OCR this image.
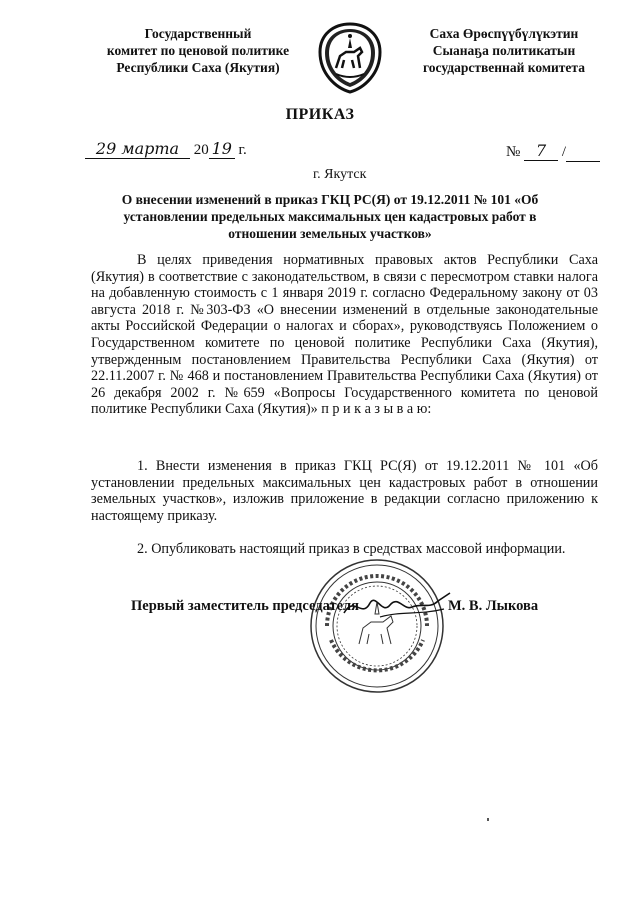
Государственный
комитет по ценовой политике
Республики Саха (Якутия)
Саха Өрөспүүбүлүкэтин
Сыанаҕа политикатын
государственнай комитета
ПРИКАЗ
29 марта 20 19 г.	№ 7 /
г. Якутск
О внесении изменений в приказ ГКЦ РС(Я) от 19.12.2011 № 101 «Об установлении предельных максимальных цен кадастровых работ в отношении земельных участков»
В целях приведения нормативных правовых актов Республики Саха (Якутия) в соответствие с законодательством, в связи с пересмотром ставки налога на добавленную стоимость с 1 января 2019 г. согласно Федеральному закону от 03 августа 2018 г. №303-ФЗ «О внесении изменений в отдельные законодательные акты Российской Федерации о налогах и сборах», руководствуясь Положением о Государственном комитете по ценовой политике Республики Саха (Якутия), утвержденным постановлением Правительства Республики Саха (Якутия) от 22.11.2007 г. № 468 и постановлением Правительства Республики Саха (Якутия) от 26 декабря 2002 г. №659 «Вопросы Государственного комитета по ценовой политике Республики Саха (Якутия)» п р и к а з ы в а ю:
1. Внести изменения в приказ ГКЦ РС(Я) от 19.12.2011 № 101 «Об установлении предельных максимальных цен кадастровых работ в отношении земельных участков», изложив приложение в редакции согласно приложению к настоящему приказу.
2. Опубликовать настоящий приказ в средствах массовой информации.
Первый заместитель председателя	М. В. Лыкова
